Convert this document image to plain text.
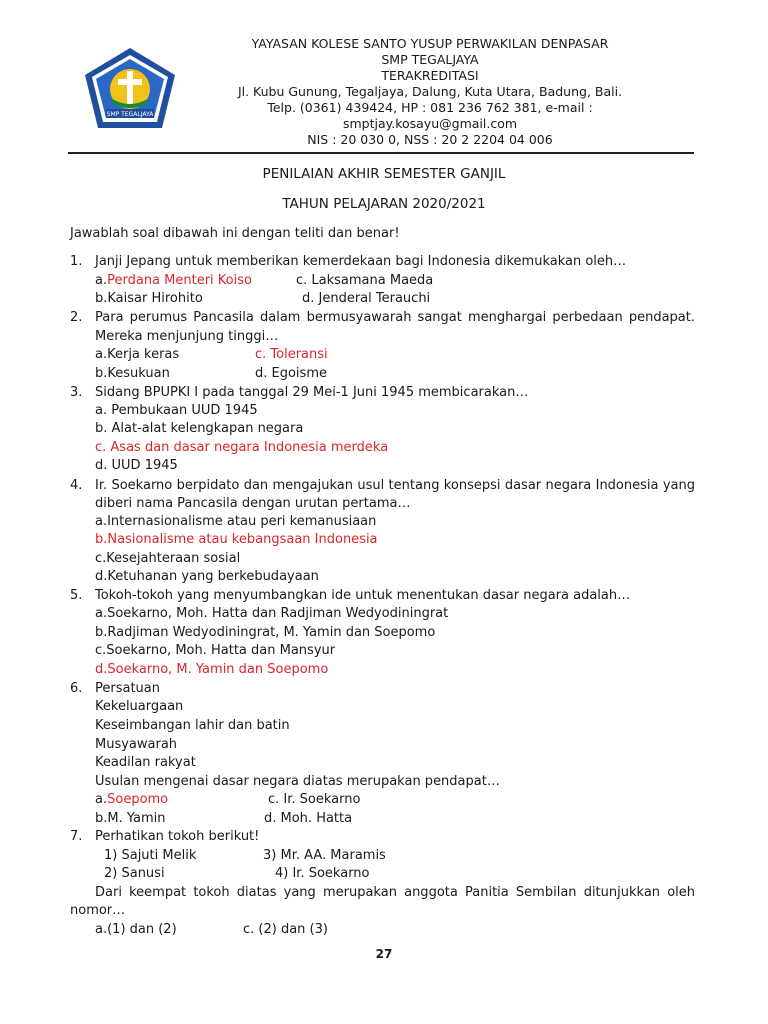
SMP TEGALJAYA
YAYASAN KOLESE SANTO YUSUP PERWAKILAN DENPASAR
SMP TEGALJAYA
TERAKREDITASI
Jl. Kubu Gunung, Tegaljaya, Dalung, Kuta Utara, Badung, Bali.
Telp. (0361) 439424, HP : 081 236 762 381, e-mail :
smptjay.kosayu@gmail.com
NIS : 20 030 0, NSS : 20 2 2204 04 006
PENILAIAN AKHIR SEMESTER GANJIL
TAHUN PELAJARAN 2020/2021
Jawablah soal dibawah ini dengan teliti dan benar!
1. Janji Jepang untuk memberikan kemerdekaan bagi Indonesia dikemukakan oleh…
a.Perdana Menteri Koiso	c. Laksamana Maeda
b.Kaisar Hirohito	d. Jenderal Terauchi
2. Para perumus Pancasila dalam bermusyawarah sangat menghargai perbedaan pendapat.
Mereka menjunjung tinggi…
a.Kerja keras	c. Toleransi
b.Kesukuan	d. Egoisme
3. Sidang BPUPKI I pada tanggal 29 Mei-1 Juni 1945 membicarakan…
a. Pembukaan UUD 1945
b. Alat-alat kelengkapan negara
c. Asas dan dasar negara Indonesia merdeka
d. UUD 1945
4. Ir. Soekarno berpidato dan mengajukan usul tentang konsepsi dasar negara Indonesia yang
diberi nama Pancasila dengan urutan pertama…
a.Internasionalisme atau peri kemanusiaan
b.Nasionalisme atau kebangsaan Indonesia
c.Kesejahteraan sosial
d.Ketuhanan yang berkebudayaan
5. Tokoh-tokoh yang menyumbangkan ide untuk menentukan dasar negara adalah…
a.Soekarno, Moh. Hatta dan Radjiman Wedyodiningrat
b.Radjiman Wedyodiningrat, M. Yamin dan Soepomo
c.Soekarno, Moh. Hatta dan Mansyur
d.Soekarno, M. Yamin dan Soepomo
6. Persatuan
Kekeluargaan
Keseimbangan lahir dan batin
Musyawarah
Keadilan rakyat
Usulan mengenai dasar negara diatas merupakan pendapat…
a.Soepomo	c. Ir. Soekarno
b.M. Yamin	d. Moh. Hatta
7. Perhatikan tokoh berikut!
1) Sajuti Melik	3) Mr. AA. Maramis
2) Sanusi	4) Ir. Soekarno
Dari keempat tokoh diatas yang merupakan anggota Panitia Sembilan ditunjukkan oleh
nomor…
a.(1) dan (2)	c. (2) dan (3)
27
